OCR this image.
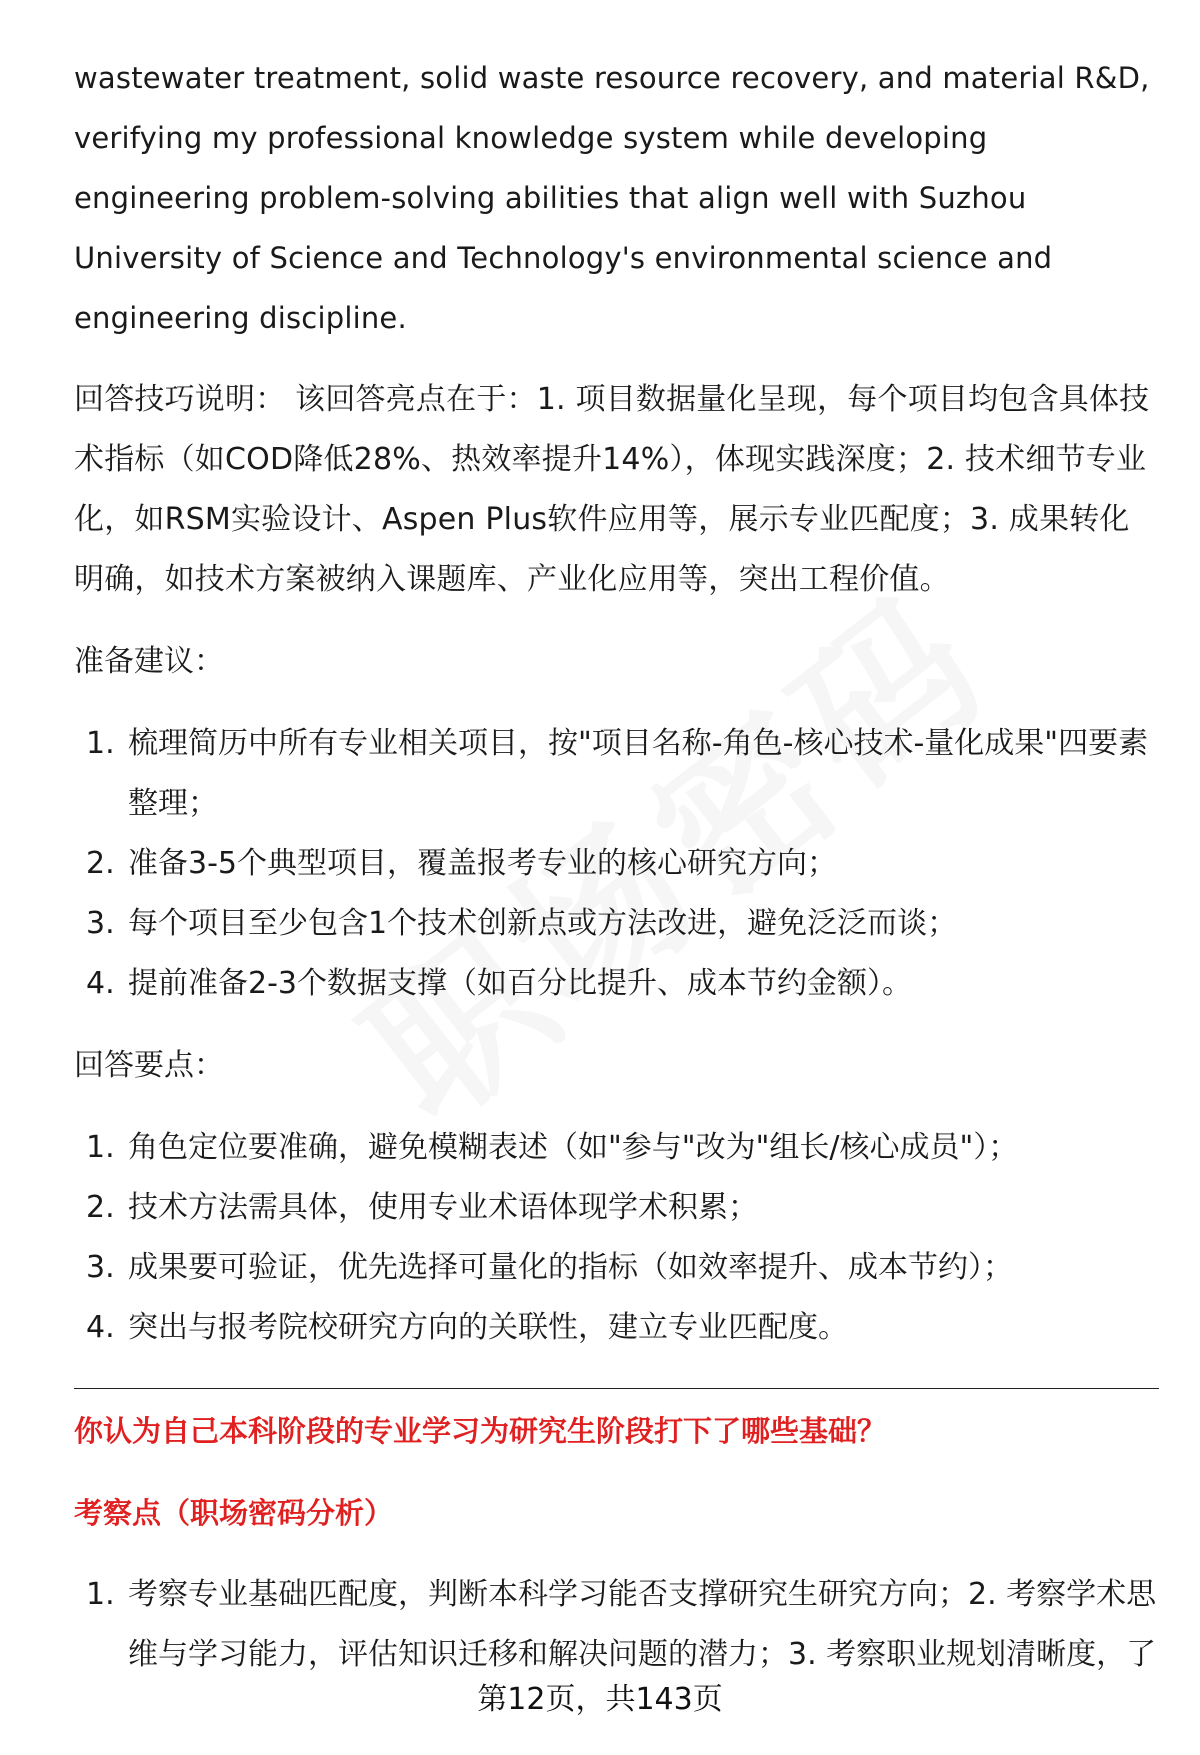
wastewater treatment, solid waste resource recovery, and material R&D, verifying my professional knowledge system while developing engineering problem-solving abilities that align well with Suzhou University of Science and Technology's environmental science and engineering discipline.

回答技巧说明： 该回答亮点在于：1. 项目数据量化呈现，每个项目均包含具体技术指标（如COD降低28%、热效率提升14%），体现实践深度；2. 技术细节专业化，如RSM实验设计、Aspen Plus软件应用等，展示专业匹配度；3. 成果转化明确，如技术方案被纳入课题库、产业化应用等，突出工程价值。

准备建议：
1. 梳理简历中所有专业相关项目，按"项目名称-角色-核心技术-量化成果"四要素整理；
2. 准备3-5个典型项目，覆盖报考专业的核心研究方向；
3. 每个项目至少包含1个技术创新点或方法改进，避免泛泛而谈；
4. 提前准备2-3个数据支撑（如百分比提升、成本节约金额）。
回答要点：
1. 角色定位要准确，避免模糊表述（如"参与"改为"组长/核心成员"）；
2. 技术方法需具体，使用专业术语体现学术积累；
3. 成果要可验证，优先选择可量化的指标（如效率提升、成本节约）；
4. 突出与报考院校研究方向的关联性，建立专业匹配度。
你认为自己本科阶段的专业学习为研究生阶段打下了哪些基础？
考察点（职场密码分析）
1. 考察专业基础匹配度，判断本科学习能否支撑研究生研究方向；2. 考察学术思维与学习能力，评估知识迁移和解决问题的潜力；3. 考察职业规划清晰度，了
第12页，共143页
